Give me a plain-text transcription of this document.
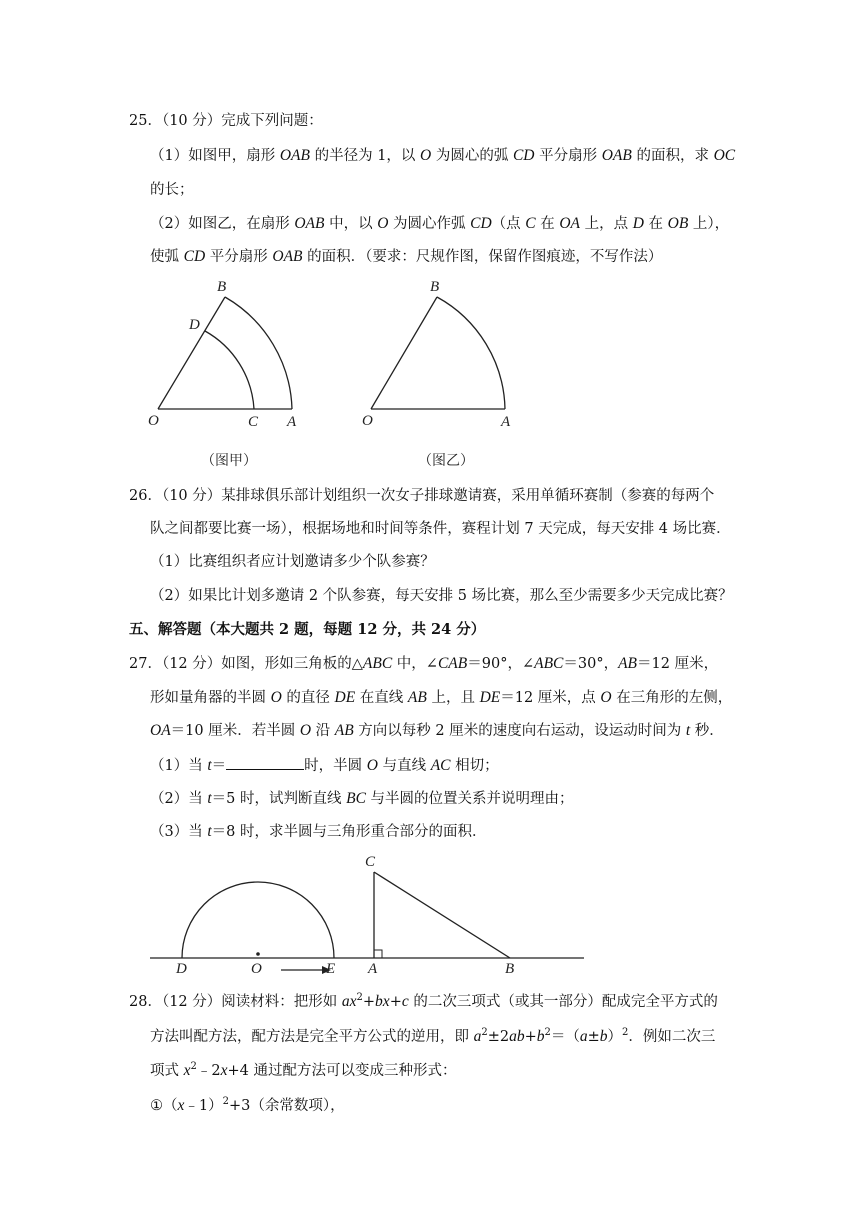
25．（10 分）完成下列问题：
（1）如图甲，扇形 OAB 的半径为 1，以 O 为圆心的弧 CD 平分扇形 OAB 的面积，求 OC
的长；
（2）如图乙，在扇形 OAB 中，以 O 为圆心作弧 CD（点 C 在 OA 上，点 D 在 OB 上），
使弧 CD 平分扇形 OAB 的面积．（要求：尺规作图，保留作图痕迹，不写作法）
B
D
O	C A
（图甲）
B
O	A
（图乙）
C
D	O	E A	B
26．（10 分）某排球俱乐部计划组织一次女子排球邀请赛，采用单循环赛制（参赛的每两个
队之间都要比赛一场），根据场地和时间等条件，赛程计划 7 天完成，每天安排 4 场比赛．
（1）比赛组织者应计划邀请多少个队参赛？
（2）如果比计划多邀请 2 个队参赛，每天安排 5 场比赛，那么至少需要多少天完成比赛？
五、解答题（本大题共 2 题，每题 12 分，共 24 分）
27．（12 分）如图，形如三角板的△ABC 中，∠CAB＝90°，∠ABC＝30°，AB＝12 厘米，
形如量角器的半圆 O 的直径 DE 在直线 AB 上，且 DE＝12 厘米，点 O 在三角形的左侧，
OA＝10 厘米．若半圆 O 沿 AB 方向以每秒 2 厘米的速度向右运动，设运动时间为 t 秒．
（1）当 t＝	时，半圆 O 与直线 AC 相切；
（2）当 t＝5 时，试判断直线 BC 与半圆的位置关系并说明理由；
（3）当 t＝8 时，求半圆与三角形重合部分的面积．
28．（12 分）阅读材料：把形如 $ax^2+bx+c$ 的二次三项式（或其一部分）配成完全平方式的
方法叫配方法，配方法是完全平方公式的逆用，即 $a^2\pm 2ab+b^2=(a\pm b)^2$．例如二次三
项式 $x^2﹣2x+4$ 通过配方法可以变成三种形式：
①（x﹣1）$^2$+3（余常数项），
